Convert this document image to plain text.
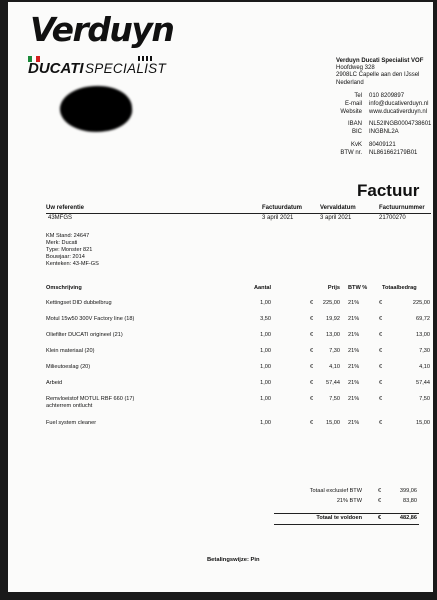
Verduyn
DUCATI SPECIALIST	Verduyn Ducati Specialist VOF
Hoofdweg 328
2908LC Capelle aan den IJssel
Nederland
Tel	010 8209897
E-mail	info@ducativerduyn.nl
Website	www.ducativerduyn.nl
IBAN	NL52INGB0004738601
BIC	INGBNL2A
KvK	80409121
BTW nr.	NL861662179B01
Factuur
Uw referentie	Factuurdatum	Vervaldatum	Factuurnummer
43MFGS	3 april 2021	3 april 2021	21700270
KM Stand: 24647
Merk: Ducati
Type: Monster 821
Bouwjaar: 2014
Kenteken: 43-MF-GS
Omschrijving	Aantal	Prijs BTW %	Totaalbedrag
Kettingset DID dubbelbrug	1,00	€	225,00 21%	€	225,00
Motul 15w50 300V Factory line (18)	3,50	€	19,92 21%	€	69,72
Oliefilter DUCATI origineel (21)	1,00	€	13,00 21%	€	13,00
Klein materiaal (20)	1,00	€	7,30 21%	€	7,30
Milieutoeslag (20)	1,00	€	4,10 21%	€	4,10
Arbeid	1,00	€	57,44 21%	€	57,44
Remvloeistof MOTUL RBF 660 (17)	1,00	€	7,50 21%	€	7,50
achterrem ontlucht
Fuel system cleaner	1,00	€	15,00 21%	€	15,00
Totaal exclusief BTW	€	399,06
21% BTW	€	83,80
Totaal te voldoen	€	482,86
Betalingswijze: Pin
